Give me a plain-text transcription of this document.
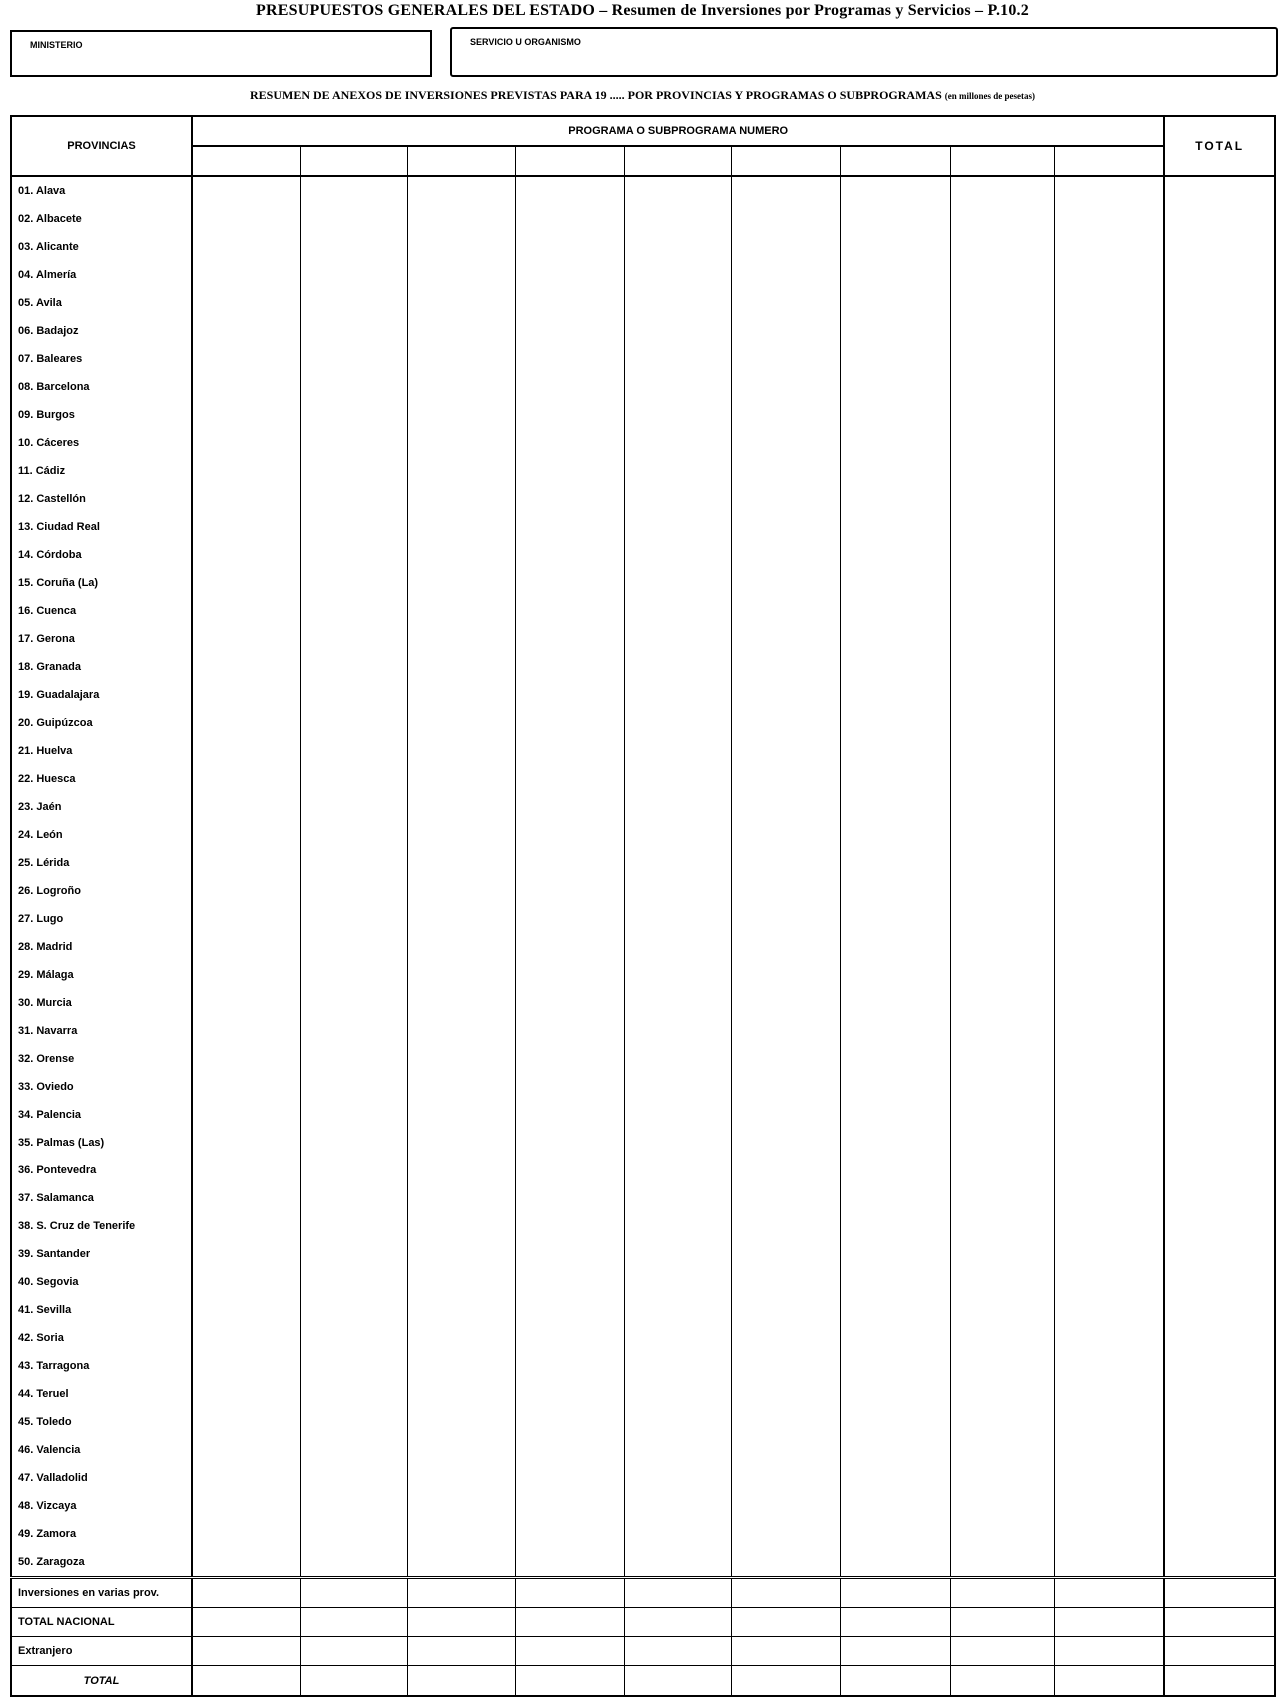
PRESUPUESTOS GENERALES DEL ESTADO – Resumen de Inversiones por Programas y Servicios – P.10.2
MINISTERIO	SERVICIO U ORGANISMO
RESUMEN DE ANEXOS DE INVERSIONES PREVISTAS PARA 19 ..... POR PROVINCIAS Y PROGRAMAS O SUBPROGRAMAS (en millones de pesetas)
PROVINCIAS	PROGRAMA O SUBPROGRAMA NUMERO									TOTAL

01. Alava										
02. Albacete										
03. Alicante										
04. Almería										
05. Avila										
06. Badajoz										
07. Baleares										
08. Barcelona										
09. Burgos										
10. Cáceres										
11. Cádiz										
12. Castellón										
13. Ciudad Real										
14. Córdoba										
15. Coruña (La)										
16. Cuenca										
17. Gerona										
18. Granada										
19. Guadalajara										
20. Guipúzcoa										
21. Huelva										
22. Huesca										
23. Jaén										
24. León										
25. Lérida										
26. Logroño										
27. Lugo										
28. Madrid										
29. Málaga										
30. Murcia										
31. Navarra										
32. Orense										
33. Oviedo										
34. Palencia										
35. Palmas (Las)										
36. Pontevedra										
37. Salamanca										
38. S. Cruz de Tenerife										
39. Santander										
40. Segovia										
41. Sevilla										
42. Soria										
43. Tarragona										
44. Teruel										
45. Toledo										
46. Valencia										
47. Valladolid										
48. Vizcaya										
49. Zamora										
50. Zaragoza										
Inversiones en varias prov.										
TOTAL NACIONAL										
Extranjero										
TOTAL										
